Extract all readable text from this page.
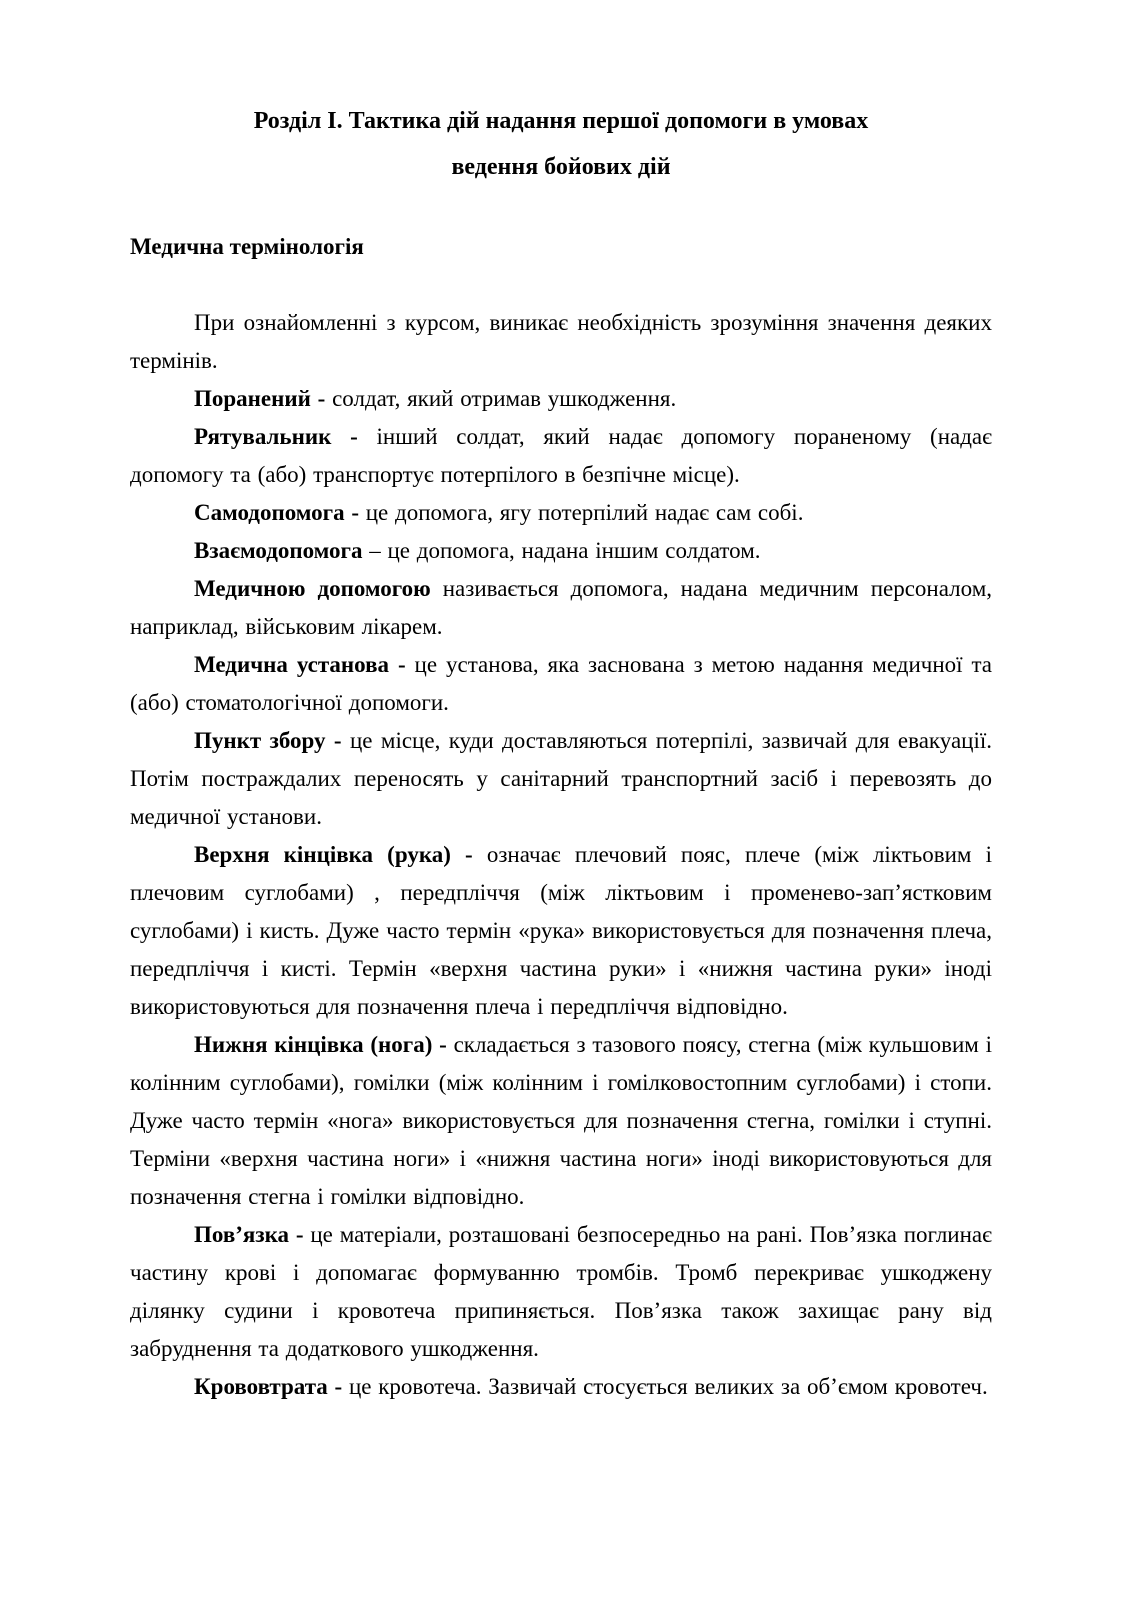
Розділ І. Тактика дій надання першої допомоги в умовах
ведення бойових дій
Медична термінологія

При ознайомленні з курсом, виникає необхідність зрозуміння значення деяких термінів.

Поранений - солдат, який отримав ушкодження.

Рятувальник - інший солдат, який надає допомогу пораненому (надає допомогу та (або) транспортує потерпілого в безпічне місце).

Самодопомога - це допомога, ягу потерпілий надає сам собі.

Взаємодопомога – це допомога, надана іншим солдатом.

Медичною допомогою називається допомога, надана медичним персоналом, наприклад, військовим лікарем.

Медична установа - це установа, яка заснована з метою надання медичної та (або) стоматологічної допомоги.

Пункт збору - це місце, куди доставляються потерпілі, зазвичай для евакуації. Потім постраждалих переносять у санітарний транспортний засіб і перевозять до медичної установи.

Верхня кінцівка (рука) - означає плечовий пояс, плече (між ліктьовим і плечовим суглобами) , передпліччя (між ліктьовим і променево-зап’ястковим суглобами) і кисть. Дуже часто термін «рука» використовується для позначення плеча, передпліччя і кисті. Термін «верхня частина руки» і «нижня частина руки» іноді використовуються для позначення плеча і передпліччя відповідно.

Нижня кінцівка (нога) - складається з тазового поясу, стегна (між кульшовим і колінним суглобами), гомілки (між колінним і гомілковостопним суглобами) і стопи. Дуже часто термін «нога» використовується для позначення стегна, гомілки і ступні. Терміни «верхня частина ноги» і «нижня частина ноги» іноді використовуються для позначення стегна і гомілки відповідно.

Пов’язка - це матеріали, розташовані безпосередньо на рані. Пов’язка поглинає частину крові і допомагає формуванню тромбів. Тромб перекриває ушкоджену ділянку судини і кровотеча припиняється. Пов’язка також захищає рану від забруднення та додаткового ушкодження.

Крововтрата - це кровотеча. Зазвичай стосується великих за об’ємом кровотеч.
